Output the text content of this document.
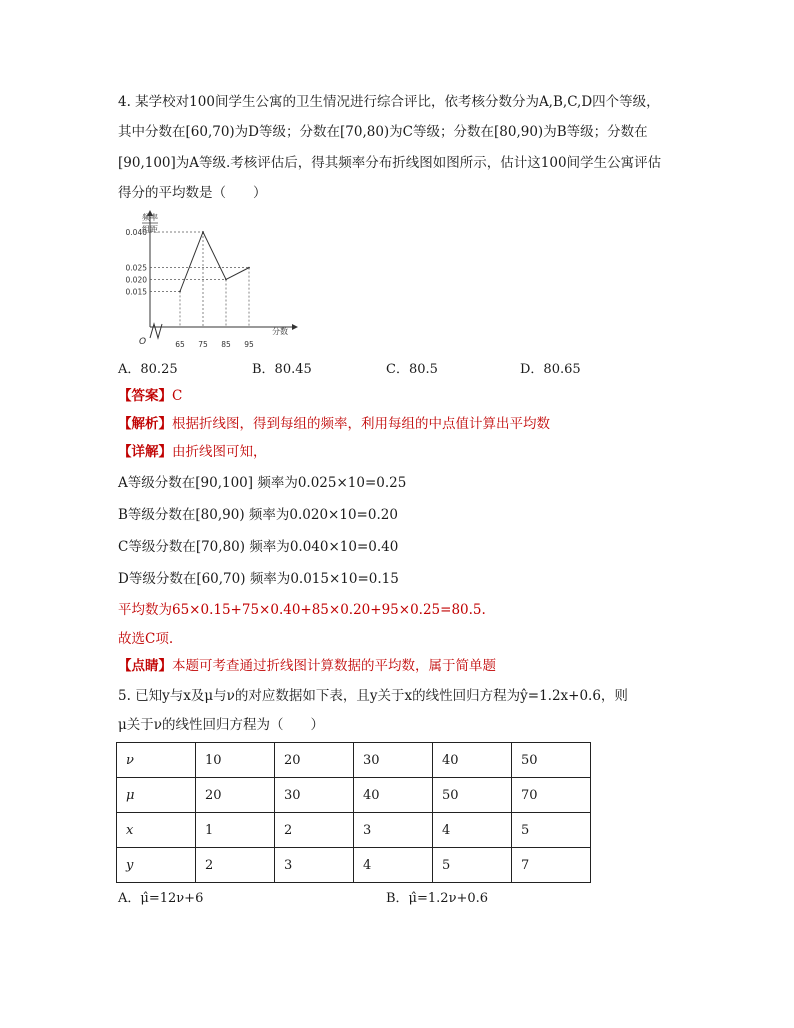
4. 某学校对100间学生公寓的卫生情况进行综合评比，依考核分数分为A,B,C,D四个等级，
其中分数在[60,70)为D等级；分数在[70,80)为C等级；分数在[80,90)为B等级；分数在
[90,100]为A等级.考核评估后，得其频率分布折线图如图所示，估计这100间学生公寓评估
得分的平均数是（　　）
O
频率
组距
分数
65 75 85 95
0.040
0.025
0.020
0.015
A．80.25	B．80.45	C．80.5	D．80.65
【答案】C
【解析】根据折线图，得到每组的频率，利用每组的中点值计算出平均数
【详解】由折线图可知，
A等级分数在[90,100] 频率为0.025×10=0.25
B等级分数在[80,90) 频率为0.020×10=0.20
C等级分数在[70,80) 频率为0.040×10=0.40
D等级分数在[60,70) 频率为0.015×10=0.15
平均数为65×0.15+75×0.40+85×0.20+95×0.25=80.5.
故选C项.
【点睛】本题可考查通过折线图计算数据的平均数，属于简单题
5. 已知y与x及μ与ν的对应数据如下表，且y关于x的线性回归方程为ŷ=1.2x+0.6，则
μ关于ν的线性回归方程为（　　）
ν	10	20	30	40	50
μ	20	30	40	50	70
x	1	2	3	4	5
y	2	3	4	5	7
A．μ̂=12ν+6	B．μ̂=1.2ν+0.6
